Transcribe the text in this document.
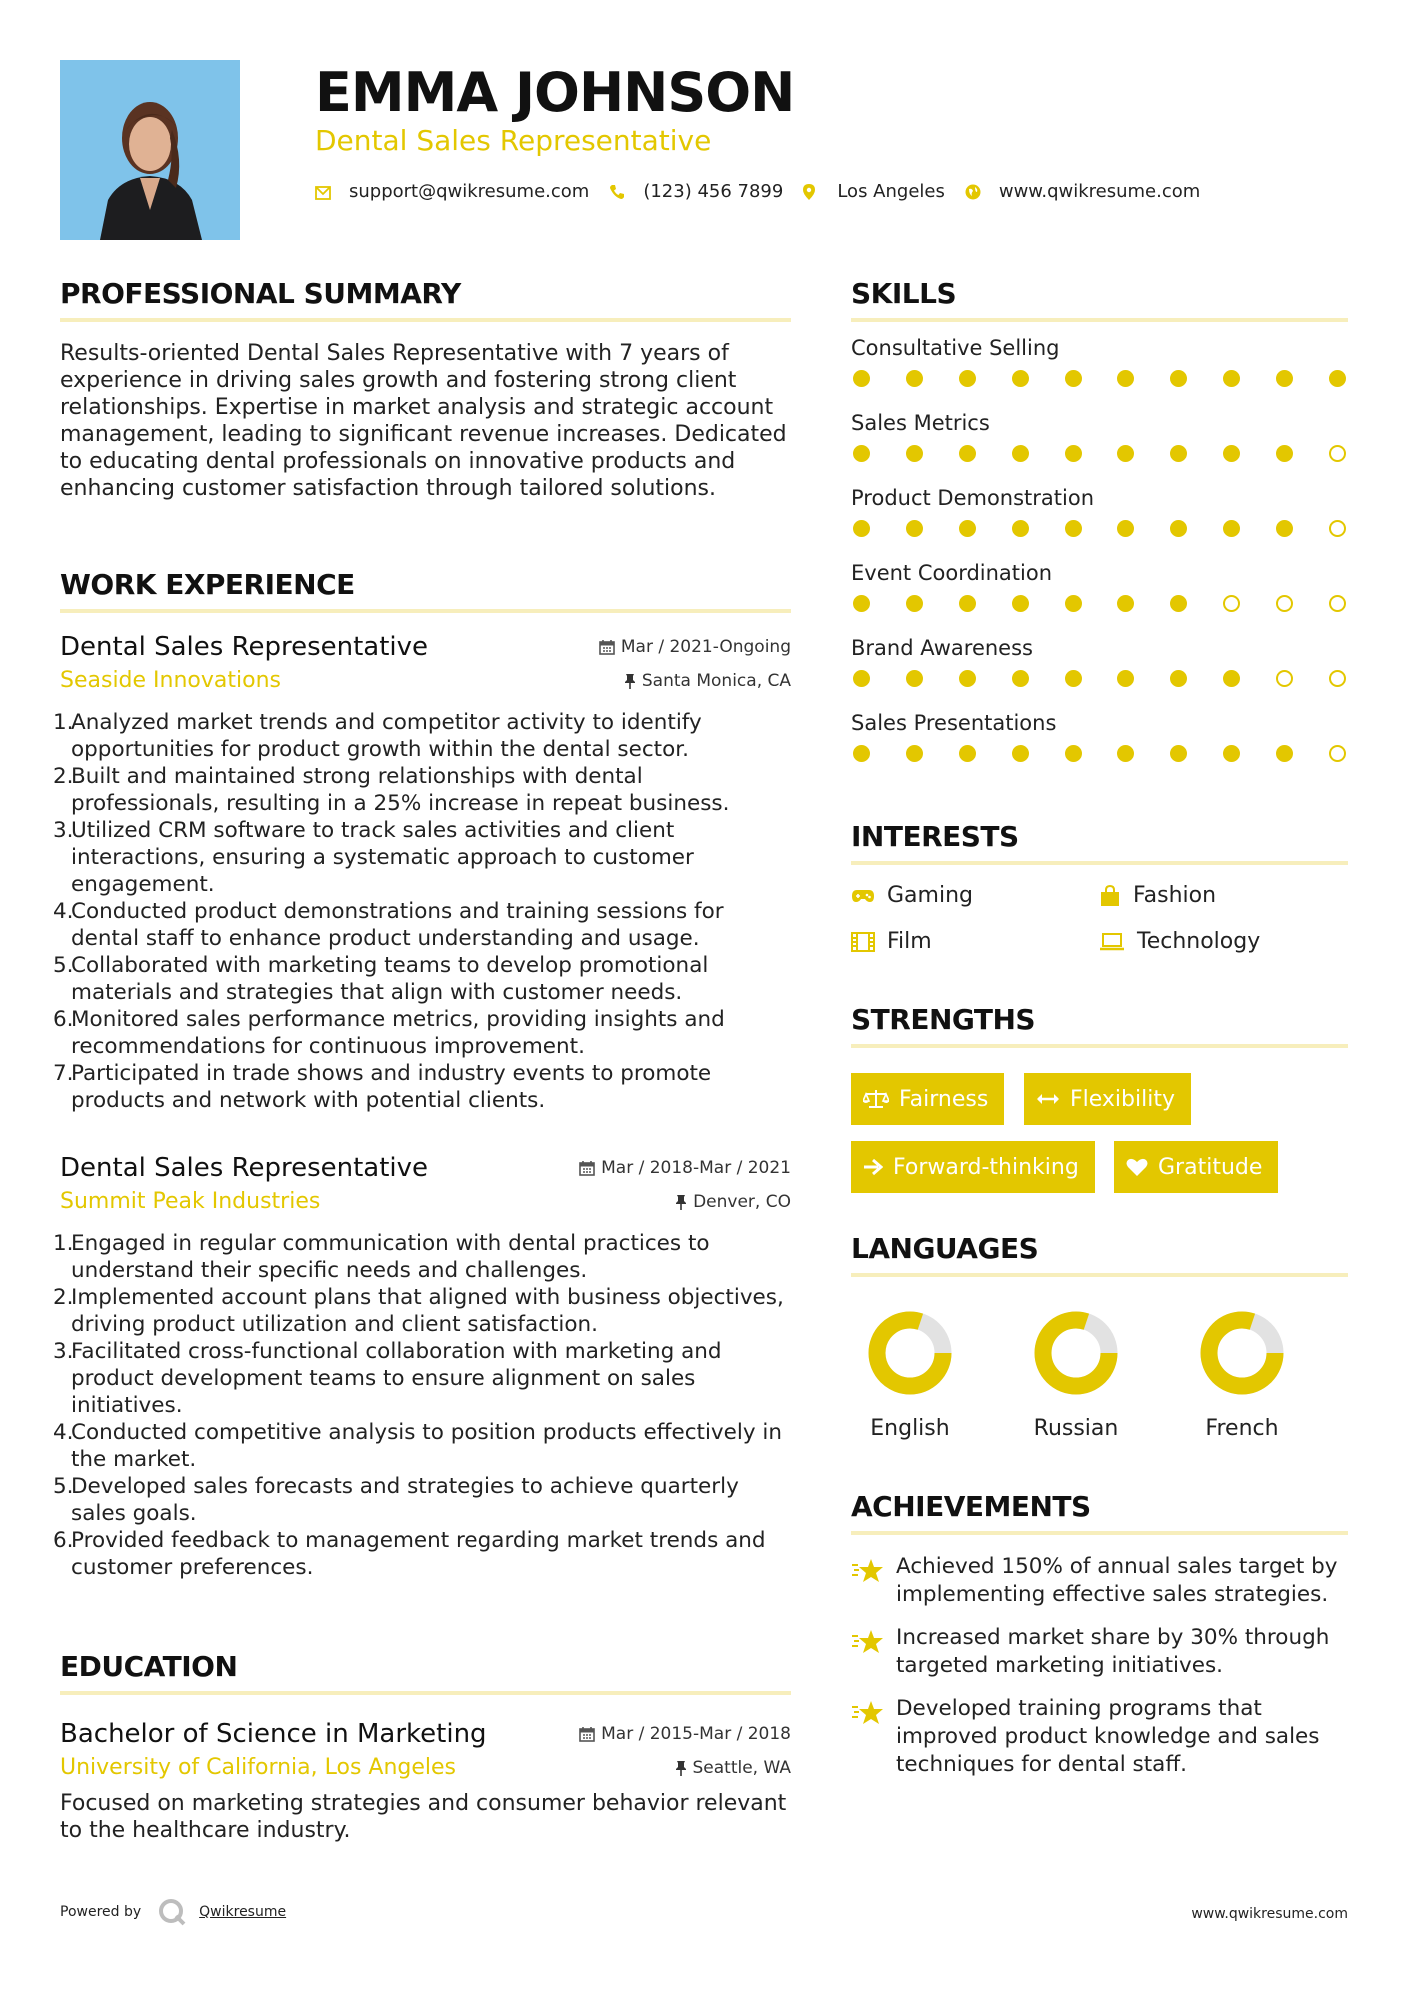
EMMA JOHNSON
Dental Sales Representative
support@qwikresume.com	(123) 456 7899	Los Angeles	www.qwikresume.com
PROFESSIONAL SUMMARY
Results-oriented Dental Sales Representative with 7 years of experience in driving sales growth and fostering strong client relationships. Expertise in market analysis and strategic account management, leading to significant revenue increases. Dedicated to educating dental professionals on innovative products and enhancing customer satisfaction through tailored solutions.
WORK EXPERIENCE
Dental Sales Representative	Mar / 2021-Ongoing
Seaside Innovations	Santa Monica, CA
1.
Analyzed market trends and competitor activity to identify opportunities for product growth within the dental sector.
2.
Built and maintained strong relationships with dental professionals, resulting in a 25% increase in repeat business.
3.
Utilized CRM software to track sales activities and client interactions, ensuring a systematic approach to customer engagement.
4.
Conducted product demonstrations and training sessions for dental staff to enhance product understanding and usage.
5.
Collaborated with marketing teams to develop promotional materials and strategies that align with customer needs.
6.
Monitored sales performance metrics, providing insights and recommendations for continuous improvement.
7.
Participated in trade shows and industry events to promote products and network with potential clients.
Dental Sales Representative	Mar / 2018-Mar / 2021
Summit Peak Industries	Denver, CO
1.
Engaged in regular communication with dental practices to understand their specific needs and challenges.
2.
Implemented account plans that aligned with business objectives, driving product utilization and client satisfaction.
3.
Facilitated cross-functional collaboration with marketing and product development teams to ensure alignment on sales initiatives.
4.
Conducted competitive analysis to position products effectively in the market.
5.
Developed sales forecasts and strategies to achieve quarterly sales goals.
6.
Provided feedback to management regarding market trends and customer preferences.
EDUCATION
Bachelor of Science in Marketing	Mar / 2015-Mar / 2018
University of California, Los Angeles	Seattle, WA
Focused on marketing strategies and consumer behavior relevant to the healthcare industry.
SKILLS
Consultative Selling
Sales Metrics
Product Demonstration
Event Coordination
Brand Awareness
Sales Presentations
INTERESTS
Gaming	Fashion
Film	Technology
STRENGTHS
Fairness	Flexibility
Forward-thinking	Gratitude
LANGUAGES
English	Russian	French
ACHIEVEMENTS
Achieved 150% of annual sales target by implementing effective sales strategies.
Increased market share by 30% through targeted marketing initiatives.
Developed training programs that improved product knowledge and sales techniques for dental staff.
Powered by	Qwikresume	www.qwikresume.com
